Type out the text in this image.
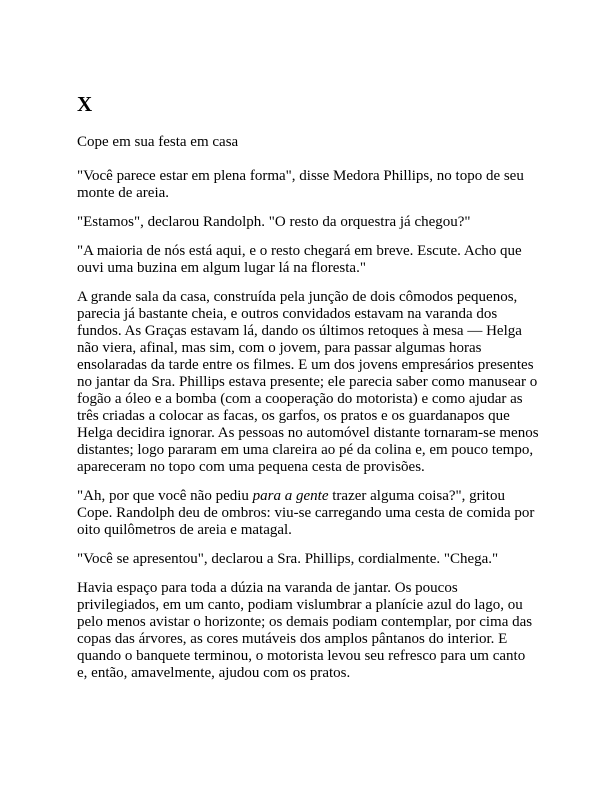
X

Cope em sua festa em casa

"Você parece estar em plena forma", disse Medora Phillips, no topo de seu monte de areia.

"Estamos", declarou Randolph. "O resto da orquestra já chegou?"

"A maioria de nós está aqui, e o resto chegará em breve. Escute. Acho que ouvi uma buzina em algum lugar lá na floresta."

A grande sala da casa, construída pela junção de dois cômodos pequenos, parecia já bastante cheia, e outros convidados estavam na varanda dos fundos. As Graças estavam lá, dando os últimos retoques à mesa — Helga não viera, afinal, mas sim, com o jovem, para passar algumas horas ensolaradas da tarde entre os filmes. E um dos jovens empresários presentes no jantar da Sra. Phillips estava presente; ele parecia saber como manusear o fogão a óleo e a bomba (com a cooperação do motorista) e como ajudar as três criadas a colocar as facas, os garfos, os pratos e os guardanapos que Helga decidira ignorar. As pessoas no automóvel distante tornaram-se menos distantes; logo pararam em uma clareira ao pé da colina e, em pouco tempo, apareceram no topo com uma pequena cesta de provisões.

"Ah, por que você não pediu para a gente trazer alguma coisa?", gritou Cope. Randolph deu de ombros: viu-se carregando uma cesta de comida por oito quilômetros de areia e matagal.

"Você se apresentou", declarou a Sra. Phillips, cordialmente. "Chega."

Havia espaço para toda a dúzia na varanda de jantar. Os poucos privilegiados, em um canto, podiam vislumbrar a planície azul do lago, ou pelo menos avistar o horizonte; os demais podiam contemplar, por cima das copas das árvores, as cores mutáveis dos amplos pântanos do interior. E quando o banquete terminou, o motorista levou seu refresco para um canto e, então, amavelmente, ajudou com os pratos.
